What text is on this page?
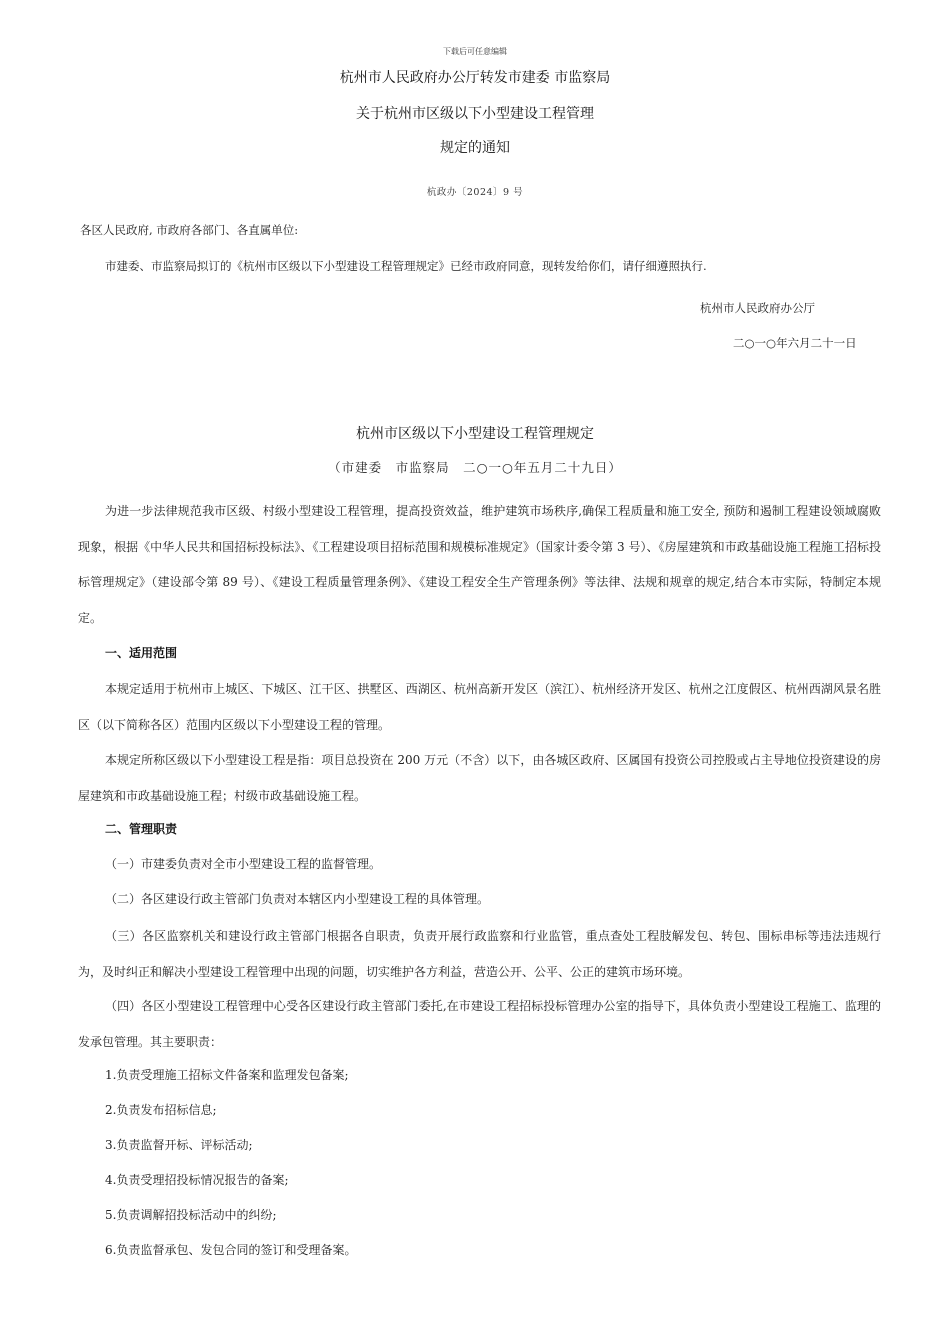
下载后可任意编辑
杭州市人民政府办公厅转发市建委 市监察局
关于杭州市区级以下小型建设工程管理
规定的通知
杭政办〔2024〕9 号
各区人民政府, 市政府各部门、各直属单位:
市建委、市监察局拟订的《杭州市区级以下小型建设工程管理规定》已经市政府同意，现转发给你们，请仔细遵照执行.
杭州市人民政府办公厅
二○一○年六月二十一日
杭州市区级以下小型建设工程管理规定
（市建委　市监察局　二○一○年五月二十九日）
为进一步法律规范我市区级、村级小型建设工程管理，提高投资效益，维护建筑市场秩序,确保工程质量和施工安全, 预防和遏制工程建设领域腐败现象，根据《中华人民共和国招标投标法》、《工程建设项目招标范围和规模标准规定》（国家计委令第 3 号）、《房屋建筑和市政基础设施工程施工招标投标管理规定》（建设部令第 89 号）、《建设工程质量管理条例》、《建设工程安全生产管理条例》等法律、法规和规章的规定,结合本市实际，特制定本规定。
一、适用范围
本规定适用于杭州市上城区、下城区、江干区、拱墅区、西湖区、杭州高新开发区（滨江）、杭州经济开发区、杭州之江度假区、杭州西湖风景名胜区（以下简称各区）范围内区级以下小型建设工程的管理。
本规定所称区级以下小型建设工程是指：项目总投资在 200 万元（不含）以下，由各城区政府、区属国有投资公司控股或占主导地位投资建设的房屋建筑和市政基础设施工程；村级市政基础设施工程。
二、管理职责
（一）市建委负责对全市小型建设工程的监督管理。
（二）各区建设行政主管部门负责对本辖区内小型建设工程的具体管理。
（三）各区监察机关和建设行政主管部门根据各自职责，负责开展行政监察和行业监管，重点查处工程肢解发包、转包、围标串标等违法违规行为，及时纠正和解决小型建设工程管理中出现的问题，切实维护各方利益，营造公开、公平、公正的建筑市场环境。
（四）各区小型建设工程管理中心受各区建设行政主管部门委托,在市建设工程招标投标管理办公室的指导下，具体负责小型建设工程施工、监理的发承包管理。其主要职责：
1.负责受理施工招标文件备案和监理发包备案;
2.负责发布招标信息;
3.负责监督开标、评标活动;
4.负责受理招投标情况报告的备案;
5.负责调解招投标活动中的纠纷;
6.负责监督承包、发包合同的签订和受理备案。
